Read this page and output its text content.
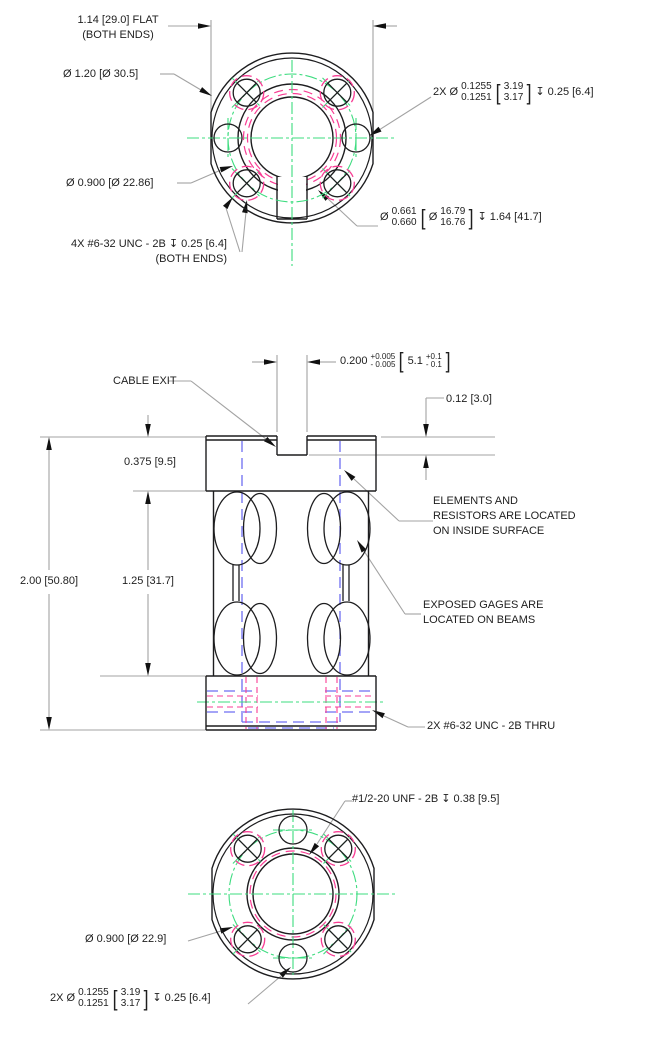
1.14 [29.0] FLAT
(BOTH ENDS)
Ø 1.20 [Ø 30.5]
Ø 0.900 [Ø 22.86]
4X #6-32 UNC - 2B ↧ 0.25 [6.4]
(BOTH ENDS)
2X Ø 0.1255
0.1251 [ 3.19
3.17 ] ↧ 0.25 [6.4]
Ø 0.661
0.660 [ Ø 16.79
16.76 ] ↧ 1.64 [41.7]
0.200 +0.005
- 0.005 [ 5.1 +0.1
- 0.1 ]
CABLE EXIT
0.12 [3.0]
0.375 [9.5]
2.00 [50.80]	1.25 [31.7]
ELEMENTS AND
RESISTORS ARE LOCATED
ON INSIDE SURFACE
EXPOSED GAGES ARE
LOCATED ON BEAMS
2X #6-32 UNC - 2B THRU
#1/2-20 UNF - 2B ↧ 0.38 [9.5]
Ø 0.900 [Ø 22.9]
2X Ø 0.1255
0.1251 [ 3.19
3.17 ] ↧ 0.25 [6.4]
